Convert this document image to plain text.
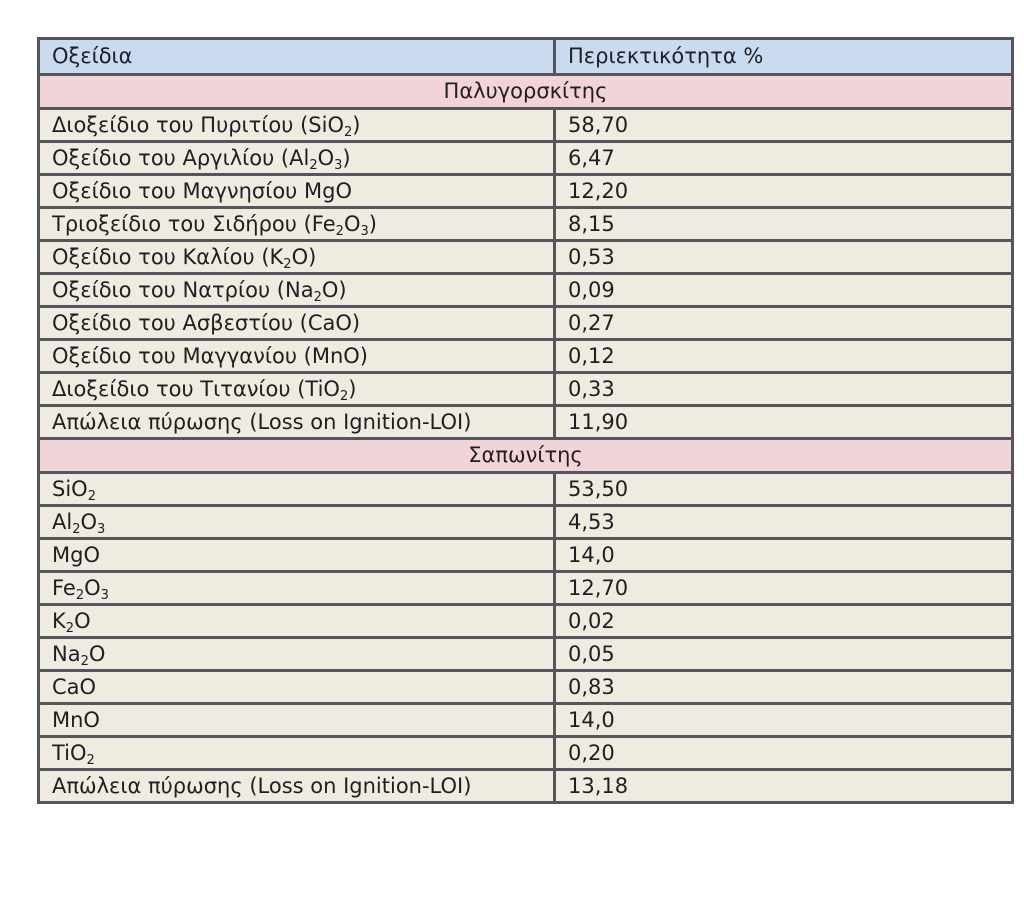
Οξείδια	Περιεκτικότητα %
Παλυγορσκίτης	
Διοξείδιο του Πυριτίου (SiO$_2$)	58,70
Οξείδιο του Αργιλίου $(Al_2O_3)$	6,47
Οξείδιο του Μαγνησίου MgO	12,20
Τριοξείδιο του Σιδήρου $(Fe_2O_3)$	8,15
Οξείδιο του Καλίου $(K_2O)$	0,53
Οξείδιο του Νατρίου $(Na_2O)$	0,09
Οξείδιο του Ασβεστίου (CaO)	0,27
Οξείδιο του Μαγγανίου (MnO)	0,12
Διοξείδιο του Τιτανίου (TiO$_2$)	0,33
Απώλεια πύρωσης (Loss on Ignition-LOI)	11,90
Σαπωνίτης	
SiO$_2$	53,50
$Al_2O_3$	4,53
MgO	14,0
$Fe_2O_3$	12,70
$K_2O$	0,02
$Na_2O$	0,05
CaO	0,83
MnO	14,0
TiO$_2$	0,20
Απώλεια πύρωσης (Loss on Ignition-LOI)	13,18
